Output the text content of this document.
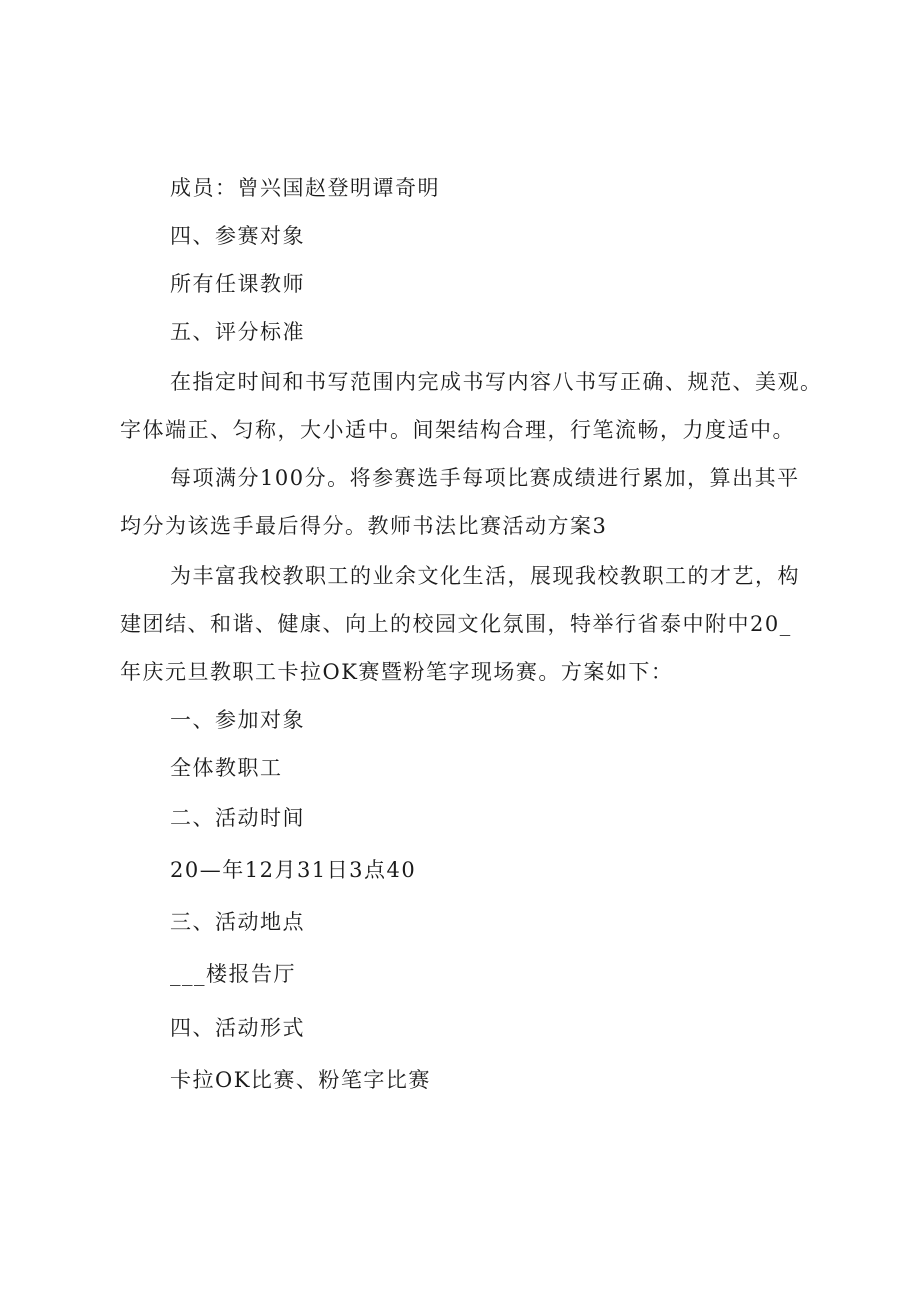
成员：曾兴国赵登明谭奇明
四、参赛对象
所有任课教师
五、评分标准
在指定时间和书写范围内完成书写内容八书写正确、规范、美观。
字体端正、匀称，大小适中。间架结构合理，行笔流畅，力度适中。
每项满分100分。将参赛选手每项比赛成绩进行累加，算出其平
均分为该选手最后得分。教师书法比赛活动方案3
为丰富我校教职工的业余文化生活，展现我校教职工的才艺，构
建团结、和谐、健康、向上的校园文化氛围，特举行省泰中附中20_
年庆元旦教职工卡拉OK赛暨粉笔字现场赛。方案如下：
一、参加对象
全体教职工
二、活动时间
20—年12月31日3点40
三、活动地点
___楼报告厅
四、活动形式
卡拉OK比赛、粉笔字比赛
